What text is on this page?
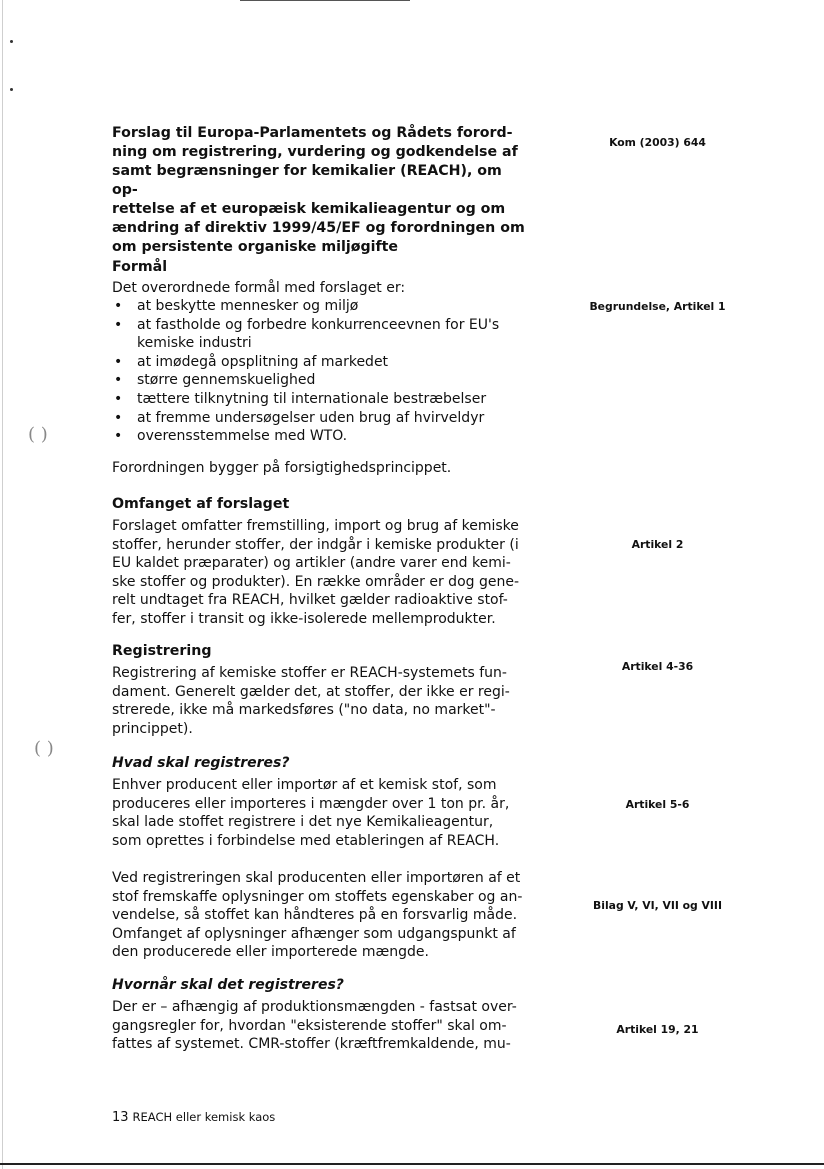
( )
( )
Forslag til Europa-Parlamentets og Rådets forord-
ning om registrering, vurdering og godkendelse af
samt begrænsninger for kemikalier (REACH), om op-
rettelse af et europæisk kemikalieagentur og om
ændring af direktiv 1999/45/EF og forordningen om
om persistente organiske miljøgifte

Kom (2003) 644

Formål

Det overordnede formål med forslaget er:

• at beskytte mennesker og miljø
• at fastholde og forbedre konkurrenceevnen for EU's
kemiske industri
• at imødegå opsplitning af markedet
• større gennemskuelighed
• tættere tilknytning til internationale bestræbelser
• at fremme undersøgelser uden brug af hvirveldyr
• overensstemmelse med WTO.

Begrundelse, Artikel 1

Forordningen bygger på forsigtighedsprincippet.

Omfanget af forslaget

Forslaget omfatter fremstilling, import og brug af kemiske
stoffer, herunder stoffer, der indgår i kemiske produkter (i
EU kaldet præparater) og artikler (andre varer end kemi-
ske stoffer og produkter). En række områder er dog gene-
relt undtaget fra REACH, hvilket gælder radioaktive stof-
fer, stoffer i transit og ikke-isolerede mellemprodukter.

Artikel 2

Registrering

Registrering af kemiske stoffer er REACH-systemets fun-
dament. Generelt gælder det, at stoffer, der ikke er regi-
strerede, ikke må markedsføres ("no data, no market"-
princippet).

Artikel 4-36

Hvad skal registreres?

Enhver producent eller importør af et kemisk stof, som
produceres eller importeres i mængder over 1 ton pr. år,
skal lade stoffet registrere i det nye Kemikalieagentur,
som oprettes i forbindelse med etableringen af REACH.

Artikel 5-6

Ved registreringen skal producenten eller importøren af et
stof fremskaffe oplysninger om stoffets egenskaber og an-
vendelse, så stoffet kan håndteres på en forsvarlig måde.
Omfanget af oplysninger afhænger som udgangspunkt af
den producerede eller importerede mængde.

Bilag V, VI, VII og VIII

Hvornår skal det registreres?

Der er – afhængig af produktionsmængden - fastsat over-
gangsregler for, hvordan "eksisterende stoffer" skal om-
fattes af systemet. CMR-stoffer (kræftfremkaldende, mu-

Artikel 19, 21

13 REACH eller kemisk kaos
